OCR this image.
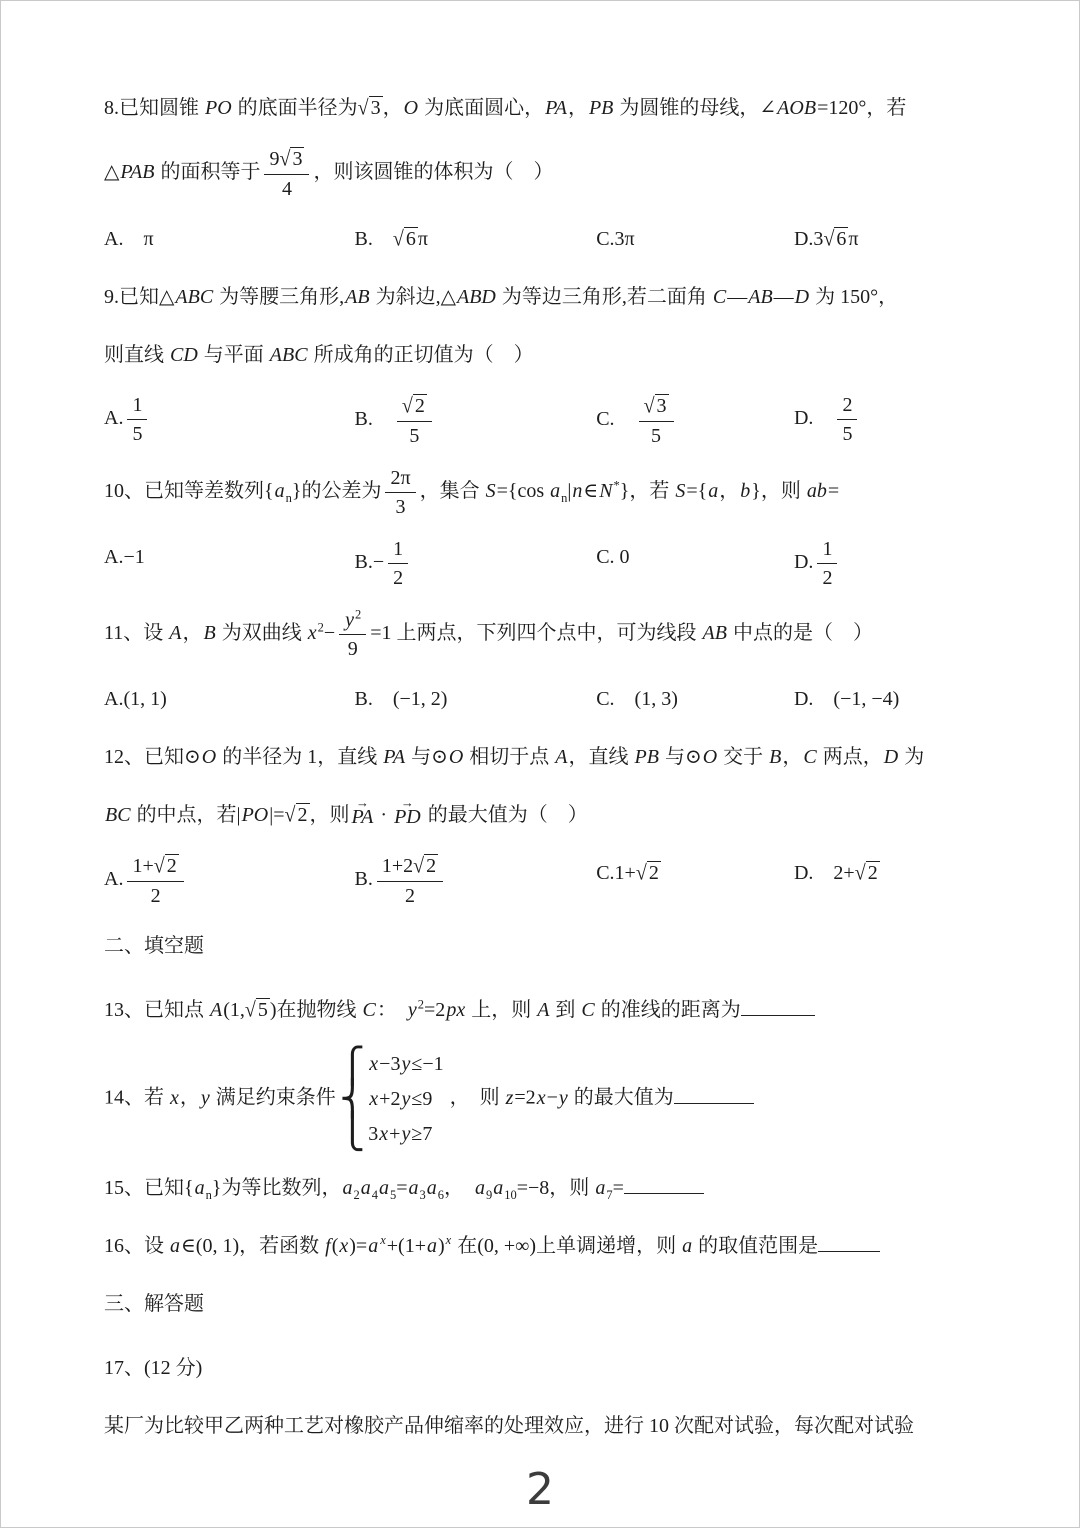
8.已知圆锥 PO 的底面半径为√ 3 ，O 为底面圆心，PA，PB 为圆锥的母线，∠AOB=120°，若
△PAB 的面积等于 $\frac{9√ 3}{4}$ ，则该圆锥的体积为（　）
A.　π	B.　√ 6 π	C.3π	D.3√ 6 π
9.已知△ABC 为等腰三角形,AB 为斜边,△ABD 为等边三角形,若二面角 C—AB—D 为 150°，
则直线 CD 与平面 ABC 所成角的正切值为（　）
A. $\frac{1}{5}$	B.　 $\frac{√ 2}{5}$	C.　 $\frac{√ 3}{5}$	D.　 $\frac{2}{5}$
10、已知等差数列$\{a_n\}$的公差为 $\frac{2\pi}{3}$ ，集合 S={cos $a_n|n\in N^*$}，若 S={a，b}，则 ab=
A.−1	$B.- \frac{1}{2}$	C. 0	D. $\frac{1}{2}$
11、设 A，B 为双曲线 $x^2- \frac{y^2}{9} =1$ 上两点，下列四个点中，可为线段 AB 中点的是（　）
A.(1, 1)	B.　(−1, 2)	C.　(1, 3)	D.　(−1, −4)
12、已知⊙O 的半径为 1，直线 PA 与⊙O 相切于点 A，直线 PB 与⊙O 交于 B，C 两点，D 为
BC 的中点，若|PO|=√ 2 ，则
→
PA ·
→
PD 的最大值为（　）
A. $\frac{1+√ 2}{2}$	B. $\frac{1+2√ 2}{2}$	C.1+√ 2	D.　2+√ 2
二、填空题
13、已知点 A(1,√ 5 )在抛物线 C：　$y^2=2px$ 上，则 A 到 C 的准线的距离为
14、若 x，y 满足约束条件
⎧
⎨
⎩
x−3y≤−1
x+2y≤9
3x+y≥7
，　则 z=2x−y 的最大值为
15、已知$\{a_n\}$为等比数列，$a_2a_4a_5=a_3a_6$，　$a_9a_{10}=-8$，则 $a_7=$
16、设 a∈(0, 1)，若函数 f(x)=a $^x+(1+a)^x$ 在(0, +∞)上单调递增，则 a 的取值范围是
三、解答题
17、(12 分)
某厂为比较甲乙两种工艺对橡胶产品伸缩率的处理效应，进行 10 次配对试验，每次配对试验
2
